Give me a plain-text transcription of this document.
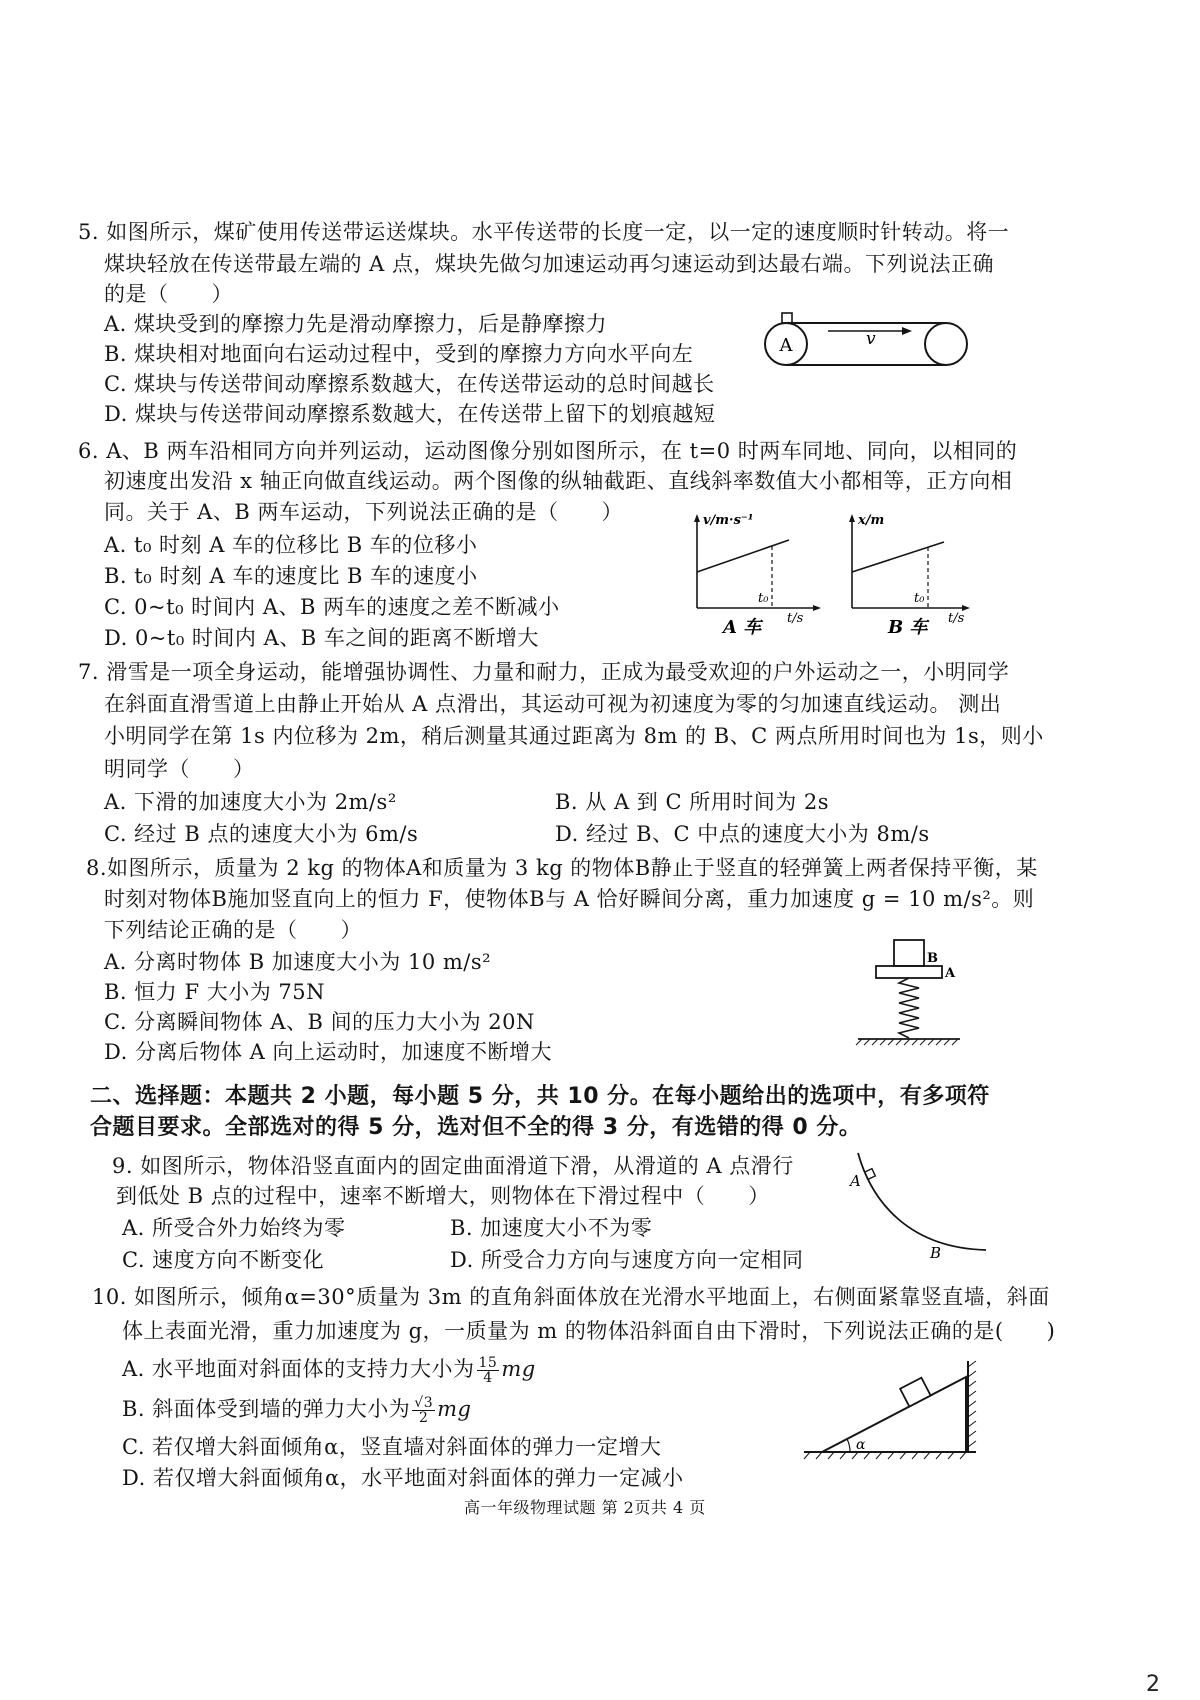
5. 如图所示，煤矿使用传送带运送煤块。水平传送带的长度一定，以一定的速度顺时针转动。将一
煤块轻放在传送带最左端的 A 点，煤块先做匀加速运动再匀速运动到达最右端。下列说法正确
的是（　　）
A. 煤块受到的摩擦力先是滑动摩擦力，后是静摩擦力
B. 煤块相对地面向右运动过程中，受到的摩擦力方向水平向左
C. 煤块与传送带间动摩擦系数越大，在传送带运动的总时间越长
D. 煤块与传送带间动摩擦系数越大，在传送带上留下的划痕越短
A	v
6. A、B 两车沿相同方向并列运动，运动图像分别如图所示，在 t=0 时两车同地、同向，以相同的
初速度出发沿 x 轴正向做直线运动。两个图像的纵轴截距、直线斜率数值大小都相等，正方向相
同。关于 A、B 两车运动，下列说法正确的是（　　）
A. t₀ 时刻 A 车的位移比 B 车的位移小
B. t₀ 时刻 A 车的速度比 B 车的速度小
C. 0~t₀ 时间内 A、B 两车的速度之差不断减小
D. 0~t₀ 时间内 A、B 车之间的距离不断增大
v/m·s⁻¹
t/s
t₀
A 车
x/m
t/s
t₀
B 车
7. 滑雪是一项全身运动，能增强协调性、力量和耐力，正成为最受欢迎的户外运动之一，小明同学
在斜面直滑雪道上由静止开始从 A 点滑出，其运动可视为初速度为零的匀加速直线运动。 测出
小明同学在第 1s 内位移为 2m，稍后测量其通过距离为 8m 的 B、C 两点所用时间也为 1s，则小
明同学（　　）
A. 下滑的加速度大小为 2m/s²	B. 从 A 到 C 所用时间为 2s
C. 经过 B 点的速度大小为 6m/s	D. 经过 B、C 中点的速度大小为 8m/s
8.如图所示，质量为 2 kg 的物体A和质量为 3 kg 的物体B静止于竖直的轻弹簧上两者保持平衡，某
时刻对物体B施加竖直向上的恒力 F，使物体B与 A 恰好瞬间分离，重力加速度 g = 10 m/s²。则
下列结论正确的是（　　）
A. 分离时物体 B 加速度大小为 10 m/s²
B. 恒力 F 大小为 75N
C. 分离瞬间物体 A、B 间的压力大小为 20N
D. 分离后物体 A 向上运动时，加速度不断增大
B
A
二、选择题：本题共 2 小题，每小题 5 分，共 10 分。在每小题给出的选项中，有多项符
合题目要求。全部选对的得 5 分，选对但不全的得 3 分，有选错的得 0 分。
9. 如图所示，物体沿竖直面内的固定曲面滑道下滑，从滑道的 A 点滑行
到低处 B 点的过程中，速率不断增大，则物体在下滑过程中（　　）
A. 所受合外力始终为零	B. 加速度大小不为零
C. 速度方向不断变化	D. 所受合力方向与速度方向一定相同
A
B
10. 如图所示，倾角α=30°质量为 3m 的直角斜面体放在光滑水平地面上，右侧面紧靠竖直墙，斜面
体上表面光滑，重力加速度为 g，一质量为 m 的物体沿斜面自由下滑时，下列说法正确的是(　　)
A. 水平地面对斜面体的支持力大小为 $\frac{15}{4}$ mg
B. 斜面体受到墙的弹力大小为 $\frac{√3}{2}$ mg
C. 若仅增大斜面倾角α，竖直墙对斜面体的弹力一定增大
D. 若仅增大斜面倾角α，水平地面对斜面体的弹力一定减小
α
高一年级物理试题 第 2页共 4 页
2
